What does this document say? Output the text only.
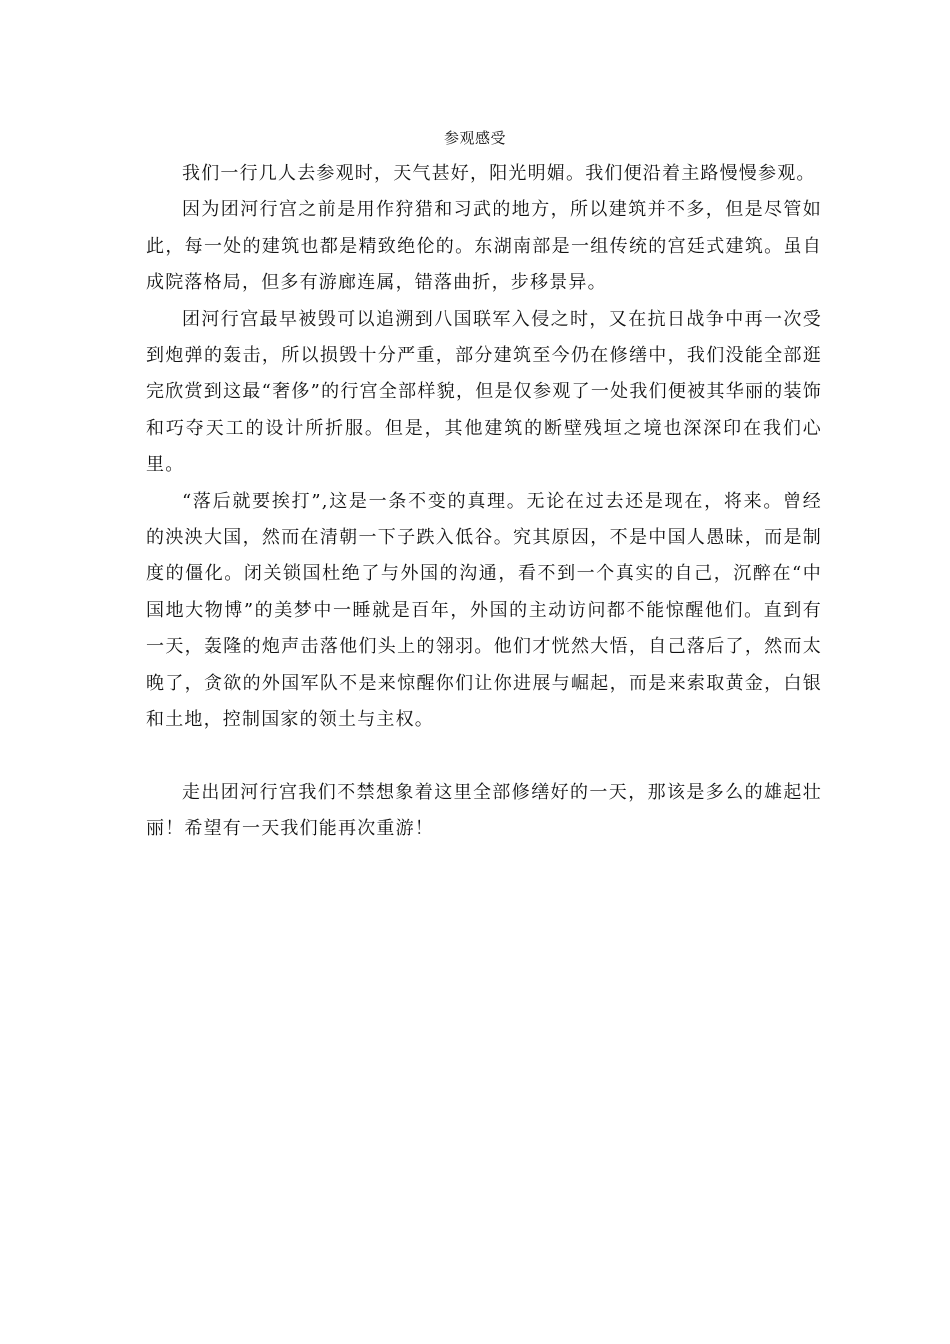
参观感受

我们一行几人去参观时，天气甚好，阳光明媚。我们便沿着主路慢慢参观。

因为团河行宫之前是用作狩猎和习武的地方，所以建筑并不多，但是尽管如此，每一处的建筑也都是精致绝伦的。东湖南部是一组传统的宫廷式建筑。虽自成院落格局，但多有游廊连属，错落曲折，步移景异。

团河行宫最早被毁可以追溯到八国联军入侵之时，又在抗日战争中再一次受到炮弹的轰击，所以损毁十分严重，部分建筑至今仍在修缮中，我们没能全部逛完欣赏到这最“奢侈”的行宫全部样貌，但是仅参观了一处我们便被其华丽的装饰和巧夺天工的设计所折服。但是，其他建筑的断壁残垣之境也深深印在我们心里。

“落后就要挨打”,这是一条不变的真理。无论在过去还是现在，将来。曾经的泱泱大国，然而在清朝一下子跌入低谷。究其原因，不是中国人愚昧，而是制度的僵化。闭关锁国杜绝了与外国的沟通，看不到一个真实的自己，沉醉在“中国地大物博”的美梦中一睡就是百年，外国的主动访问都不能惊醒他们。直到有一天，轰隆的炮声击落他们头上的翎羽。他们才恍然大悟，自己落后了，然而太晚了，贪欲的外国军队不是来惊醒你们让你进展与崛起，而是来索取黄金，白银和土地，控制国家的领土与主权。

走出团河行宫我们不禁想象着这里全部修缮好的一天，那该是多么的雄起壮丽！希望有一天我们能再次重游！
